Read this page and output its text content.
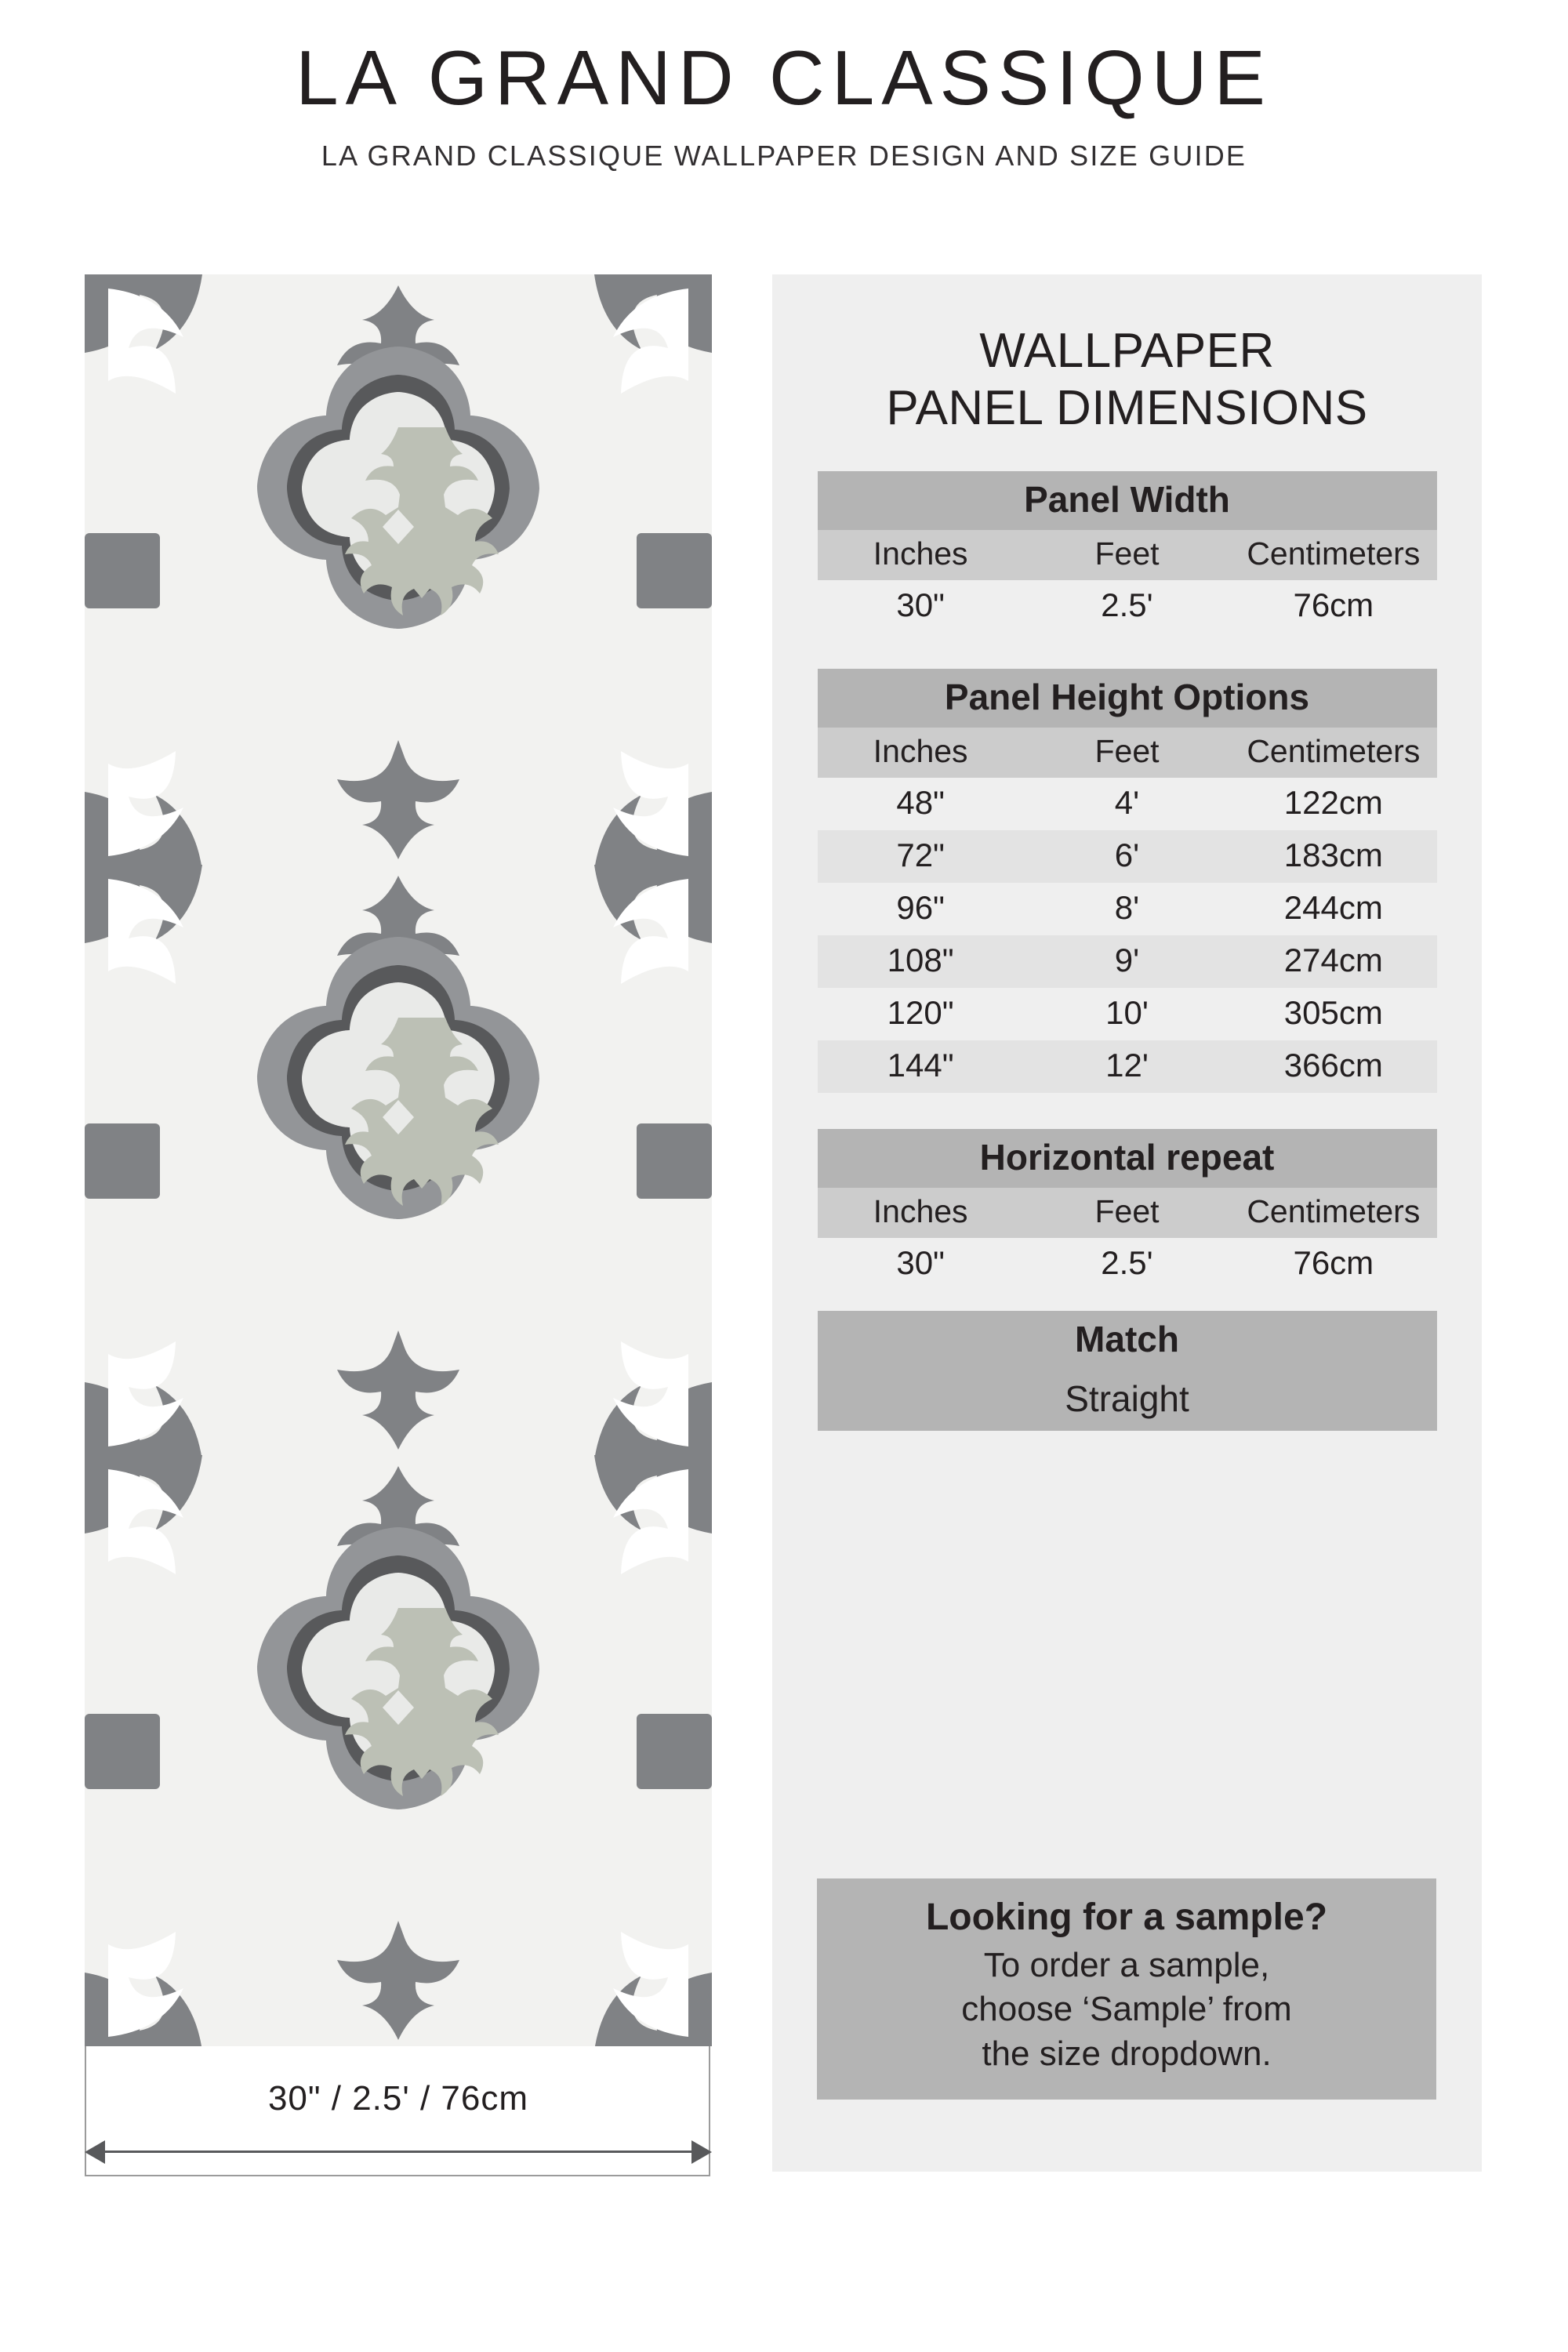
LA GRAND CLASSIQUE
LA GRAND CLASSIQUE WALLPAPER DESIGN AND SIZE GUIDE
30" / 2.5' / 76cm
WALLPAPER
PANEL DIMENSIONS
Panel Width		
Inches	Feet	Centimeters
30"	2.5'	76cm
Panel Height Options		
Inches	Feet	Centimeters
48"	4'	122cm
72"	6'	183cm
96"	8'	244cm
108"	9'	274cm
120"	10'	305cm
144"	12'	366cm
Horizontal repeat		
Inches	Feet	Centimeters
30"	2.5'	76cm
Match
Straight
Looking for a sample?
To order a sample,
choose ‘Sample’ from
the size dropdown.
